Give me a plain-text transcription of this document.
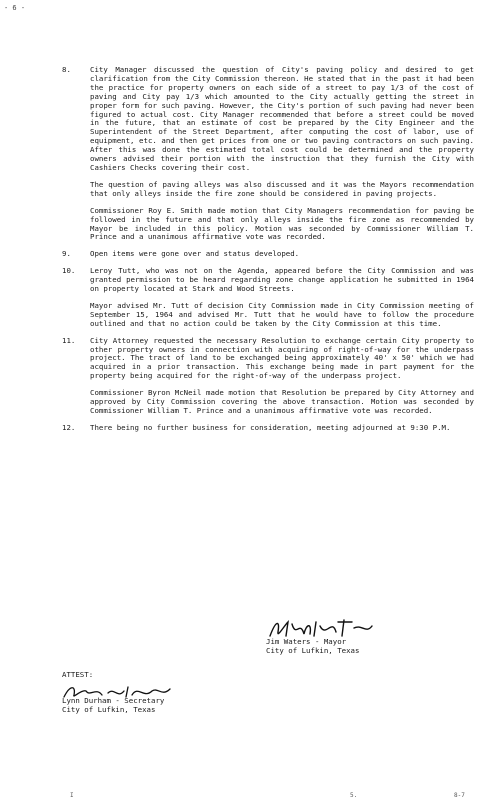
- 6 -
8.	City Manager discussed the question of City's paving policy and desired to get clarification from the City Commission thereon. He stated that in the past it had been the practice for property owners on each side of a street to pay 1/3 of the cost of paving and City pay 1/3 which amounted to the City actually getting the street in proper form for such paving. However, the City's portion of such paving had never been figured to actual cost. City Manager recommended that before a street could be moved in the future, that an estimate of cost be prepared by the City Engineer and the Superintendent of the Street Department, after computing the cost of labor, use of equipment, etc. and then get prices from one or two paving contractors on such paving. After this was done the estimated total cost could be determined and the property owners advised their portion with the instruction that they furnish the City with Cashiers Checks covering their cost.

The question of paving alleys was also discussed and it was the Mayors recommendation that only alleys inside the fire zone should be considered in paving projects.

Commissioner Roy E. Smith made motion that City Managers recommendation for paving be followed in the future and that only alleys inside the fire zone as recommended by Mayor be included in this policy. Motion was seconded by Commissioner William T. Prince and a unanimous affirmative vote was recorded.

9.	Open items were gone over and status developed.

10.	Leroy Tutt, who was not on the Agenda, appeared before the City Commission and was granted permission to be heard regarding zone change application he submitted in 1964 on property located at Stark and Wood Streets.

Mayor advised Mr. Tutt of decision City Commission made in City Commission meeting of September 15, 1964 and advised Mr. Tutt that he would have to follow the procedure outlined and that no action could be taken by the City Commission at this time.

11.	City Attorney requested the necessary Resolution to exchange certain City property to other property owners in connection with acquiring of right-of-way for the underpass project. The tract of land to be exchanged being approximately 40' x 50' which we had acquired in a prior transaction. This exchange being made in part payment for the property being acquired for the right-of-way of the underpass project.

Commissioner Byron McNeil made motion that Resolution be prepared by City Attorney and approved by City Commission covering the above transaction. Motion was seconded by Commissioner William T. Prince and a unanimous affirmative vote was recorded.

12.	There being no further business for consideration, meeting adjourned at 9:30 P.M.

Jim Waters - Mayor
City of Lufkin, Texas
ATTEST:
Lynn Durham - Secretary
City of Lufkin, Texas
I	5.	8-7
